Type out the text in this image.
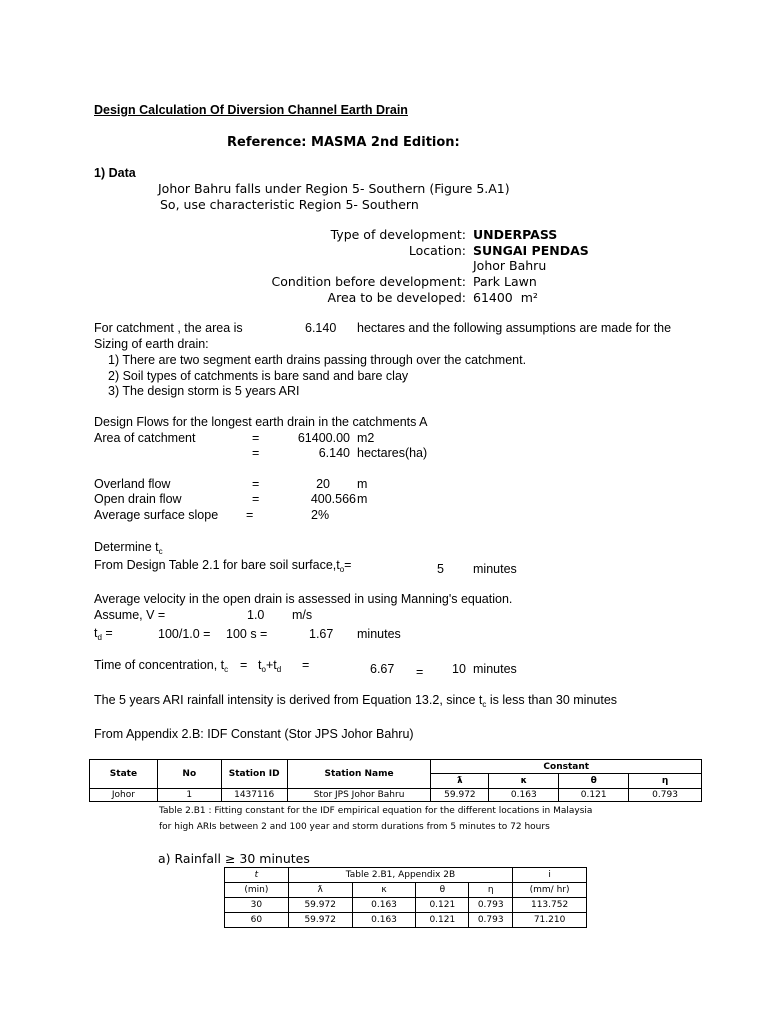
Design Calculation Of Diversion Channel Earth Drain
Reference: MASMA 2nd Edition:
1) Data
Johor Bahru falls under Region 5- Southern (Figure 5.A1)
So, use characteristic Region 5- Southern
Type of development: UNDERPASS
Location: SUNGAI PENDAS
Johor Bahru
Condition before development: Park Lawn
Area to be developed: 61400 m²
For catchment , the area is	6.140 hectares and the following assumptions are made for the
Sizing of earth drain:
1) There are two segment earth drains passing through over the catchment.
2) Soil types of catchments is bare sand and bare clay
3) The design storm is 5 years ARI
Design Flows for the longest earth drain in the catchments A
Area of catchment	=	61400.00 m2
=	6.140 hectares(ha)
Overland flow	=	20 m
Open drain flow	=	400.566 m
Average surface slope =	2%
Determine $t_c$
From Design Table 2.1 for bare soil $surface,t_o=$	5 minutes
Average velocity in the open drain is assessed in using Manning's equation.
Assume, V =	1.0 m/s
$t_d$ =	100/1.0 = 100 s =	1.67 minutes
Time of concentration, $t_c = t_o+t_d$ =	6.67 = 10 minutes
The 5 years ARI rainfall intensity is derived from Equation 13.2, since $t_c$ is less than 30 minutes
From Appendix 2.B: IDF Constant (Stor JPS Johor Bahru)
State	No	Station ID	Station Name	Constant			
				ƛ	κ	θ	η
Johor	1	1437116	Stor JPS Johor Bahru	59.972	0.163	0.121	0.793
Table 2.B1 : Fitting constant for the IDF empirical equation for the different locations in Malaysia
for high ARIs between 2 and 100 year and storm durations from 5 minutes to 72 hours
a) Rainfall ≥ 30 minutes
t	Table 2.B1, Appendix 2B				i
(min)	ƛ	κ	θ	η	(mm/ hr)
30	59.972	0.163	0.121	0.793	113.752
60	59.972	0.163	0.121	0.793	71.210
